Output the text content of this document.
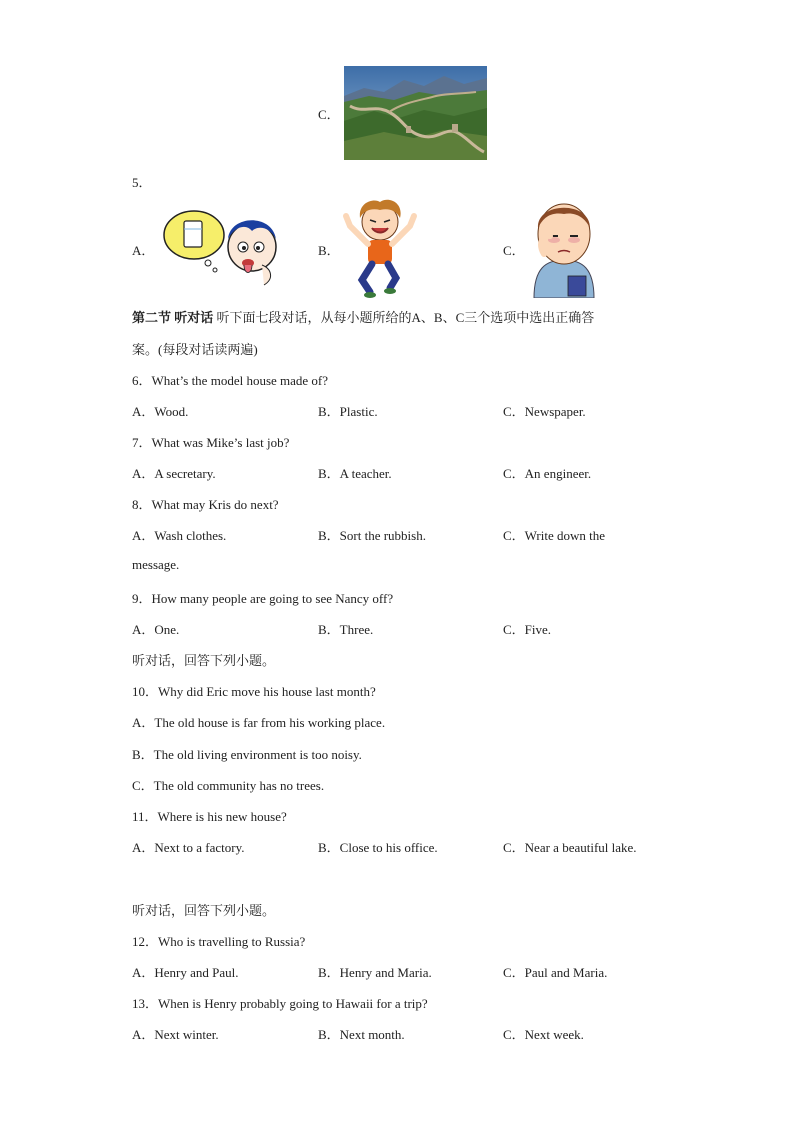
C．
5．
A．	B．	C．
第二节 听对话 听下面七段对话，从每小题所给的A、B、C三个选项中选出正确答
案。(每段对话读两遍)
6．What’s the model house made of?
A．Wood.	B．Plastic.	C．Newspaper.
7．What was Mike’s last job?
A．A secretary.	B．A teacher.	C．An engineer.
8．What may Kris do next?
A．Wash clothes.	B．Sort the rubbish.	C．Write down the
message.
9．How many people are going to see Nancy off?
A．One.	B．Three.	C．Five.
听对话，回答下列小题。
10．Why did Eric move his house last month?
A．The old house is far from his working place.
B．The old living environment is too noisy.
C．The old community has no trees.
11．Where is his new house?
A．Next to a factory.	B．Close to his office.	C．Near a beautiful lake.
听对话，回答下列小题。
12．Who is travelling to Russia?
A．Henry and Paul.	B．Henry and Maria.	C．Paul and Maria.
13．When is Henry probably going to Hawaii for a trip?
A．Next winter.	B．Next month.	C．Next week.
